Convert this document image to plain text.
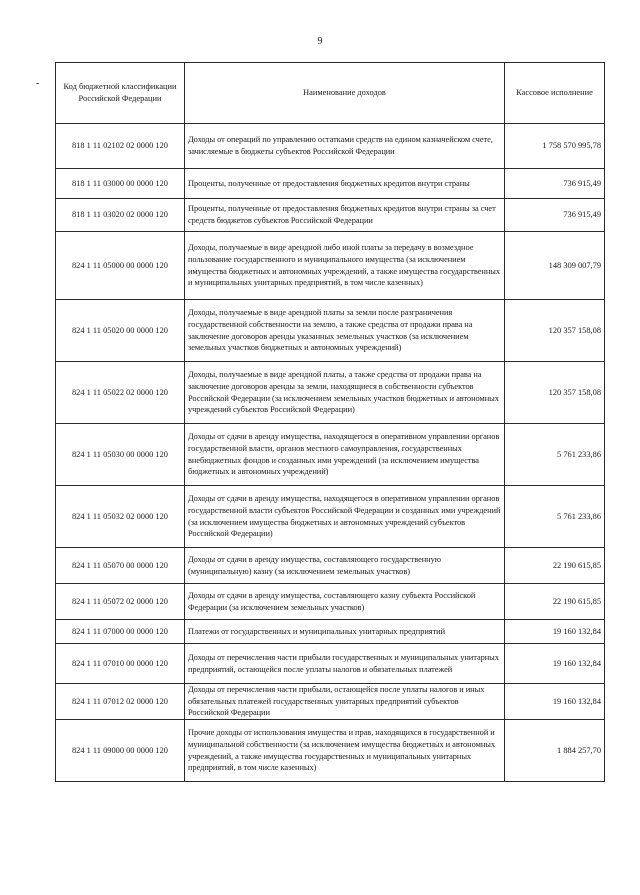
9
-	Код бюджетной классификации Российской Федерации	Наименование доходов	Кассовое исполнение
818 1 11 02102 02 0000 120	Доходы от операций по управлению остатками средств на едином казначейском счете, зачисляемые в бюджеты субъектов Российской Федерации	1 758 570 995,78
818 1 11 03000 00 0000 120	Проценты, полученные от предоставления бюджетных кредитов внутри страны	736 915,49
818 1 11 03020 02 0000 120	Проценты, полученные от предоставления бюджетных кредитов внутри страны за счет средств бюджетов субъектов Российской Федерации	736 915,49
824 1 11 05000 00 0000 120	Доходы, получаемые в виде арендной либо иной платы за передачу в возмездное пользование государственного и муниципального имущества (за исключением имущества бюджетных и автономных учреждений, а также имущества государственных и муниципальных унитарных предприятий, в том числе казенных)	148 309 007,79
824 1 11 05020 00 0000 120	Доходы, получаемые в виде арендной платы за земли после разграничения государственной собственности на землю, а также средства от продажи права на заключение договоров аренды указанных земельных участков (за исключением земельных участков бюджетных и автономных учреждений)	120 357 158,08
824 1 11 05022 02 0000 120	Доходы, получаемые в виде арендной платы, а также средства от продажи права на заключение договоров аренды за земли, находящиеся в собственности субъектов Российской Федерации (за исключением земельных участков бюджетных и автономных учреждений субъектов Российской Федерации)	120 357 158,08
824 1 11 05030 00 0000 120	Доходы от сдачи в аренду имущества, находящегося в оперативном управлении органов государственной власти, органов местного самоуправления, государственных внебюджетных фондов и созданных ими учреждений (за исключением имущества бюджетных и автономных учреждений)	5 761 233,86
824 1 11 05032 02 0000 120	Доходы от сдачи в аренду имущества, находящегося в оперативном управлении органов государственной власти субъектов Российской Федерации и созданных ими учреждений (за исключением имущества бюджетных и автономных учреждений субъектов Российской Федерации)	5 761 233,86
824 1 11 05070 00 0000 120	Доходы от сдачи в аренду имущества, составляющего государственную (муниципальную) казну (за исключением земельных участков)	22 190 615,85
824 1 11 05072 02 0000 120	Доходы от сдачи в аренду имущества, составляющего казну субъекта Российской Федерации (за исключением земельных участков)	22 190 615,85
824 1 11 07000 00 0000 120	Платежи от государственных и муниципальных унитарных предприятий	19 160 132,84
824 1 11 07010 00 0000 120	Доходы от перечисления части прибыли государственных и муниципальных унитарных предприятий, остающейся после уплаты налогов и обязательных платежей	19 160 132,84
824 1 11 07012 02 0000 120	Доходы от перечисления части прибыли, остающейся после уплаты налогов и иных обязательных платежей государственных унитарных предприятий субъектов Российской Федерации	19 160 132,84
824 1 11 09000 00 0000 120	Прочие доходы от использования имущества и прав, находящихся в государственной и муниципальной собственности (за исключением имущества бюджетных и автономных учреждений, а также имущества государственных и муниципальных унитарных предприятий, в том числе казенных)	1 884 257,70
